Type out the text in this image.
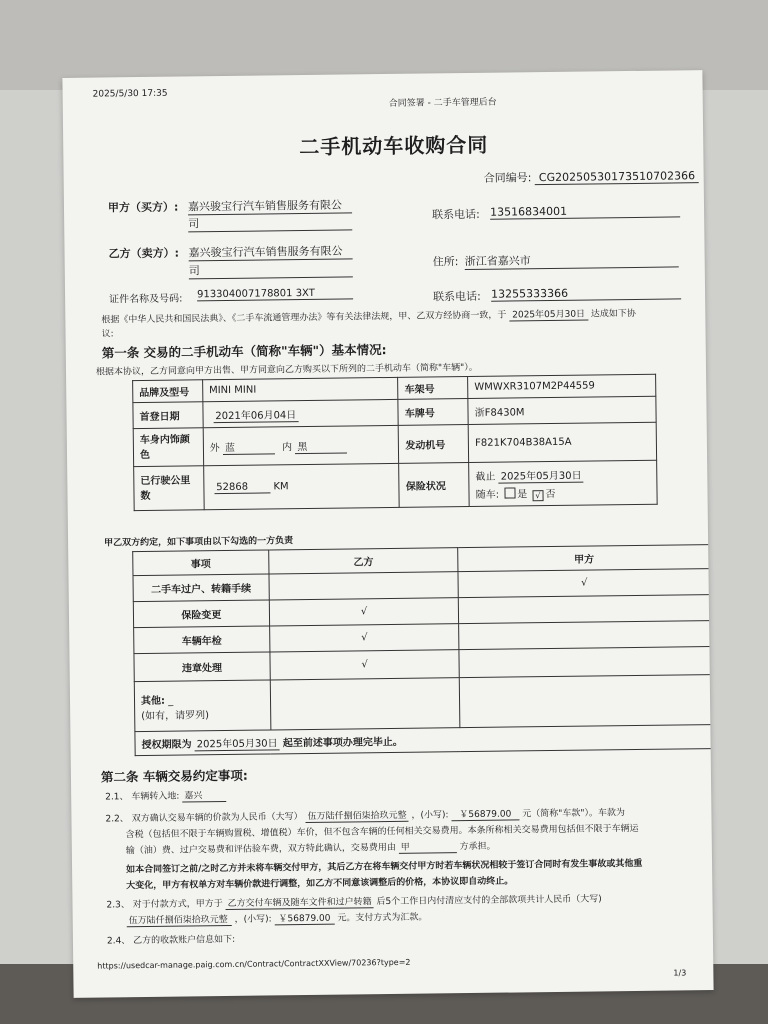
2025/5/30 17:35
合同签署 - 二手车管理后台
二手机动车收购合同
合同编号: CG20250530173510702366
甲方（买方）: 嘉兴骏宝行汽车销售服务有限公
司
联系电话: 13516834001
乙方（卖方）: 嘉兴骏宝行汽车销售服务有限公
司
住所: 浙江省嘉兴市
证件名称及号码: 913304007178801 3XT	联系电话: 13255333366
根据《中华人民共和国民法典》、《二手车流通管理办法》等有关法律法规，甲、乙双方经协商一致，于 2025年05月30日 达成如下协
议:
第一条 交易的二手机动车（简称"车辆"）基本情况:
根据本协议，乙方同意向甲方出售、甲方同意向乙方购买以下所列的二手机动车（简称"车辆"）。
品牌及型号	MINI MINI	车架号	WMWXR3107M2P44559
首登日期	2021年06月04日	车牌号	浙F8430M
车身内饰颜色	外 蓝 内 黑	发动机号	F821K704B38A15A
已行驶公里数	52868 KM	保险状况	截止 2025年05月30日
随车: 是 √ 否
甲乙双方约定，如下事项由以下勾选的一方负责
事项	乙方	甲方
二手车过户、转籍手续		√
保险变更	√	
车辆年检	√	
违章处理	√	

其他: _
(如有，请罗列)		

授权期限为 2025年05月30日 起至前述事项办理完毕止。		
第二条 车辆交易约定事项:
2.1、 车辆转入地: 嘉兴
2.2、 双方确认交易车辆的价款为人民币（大写） 伍万陆仟捌佰柒拾玖元整 ，(小写): ￥56879.00 元（简称"车款"）。车款为
含税（包括但不限于车辆购置税、增值税）车价，但不包含车辆的任何相关交易费用。本条所称相关交易费用包括但不限于车辆运
输（油）费、过户交易费和评估验车费，双方特此确认，交易费用由 甲	方承担。
如本合同签订之前/之时乙方并未将车辆交付甲方，其后乙方在将车辆交付甲方时若车辆状况相较于签订合同时有发生事故或其他重
大变化，甲方有权单方对车辆价款进行调整，如乙方不同意该调整后的价格，本协议即自动终止。
2.3、 对于付款方式，甲方于 乙方交付车辆及随车文件和过户转籍 后5个工作日内付清应支付的全部款项共计人民币（大写)
伍万陆仟捌佰柒拾玖元整 ，(小写): ￥56879.00 元。支付方式为汇款。
2.4、 乙方的收款账户信息如下:
https://usedcar-manage.paig.com.cn/Contract/ContractXXView/70236?type=2
1/3
